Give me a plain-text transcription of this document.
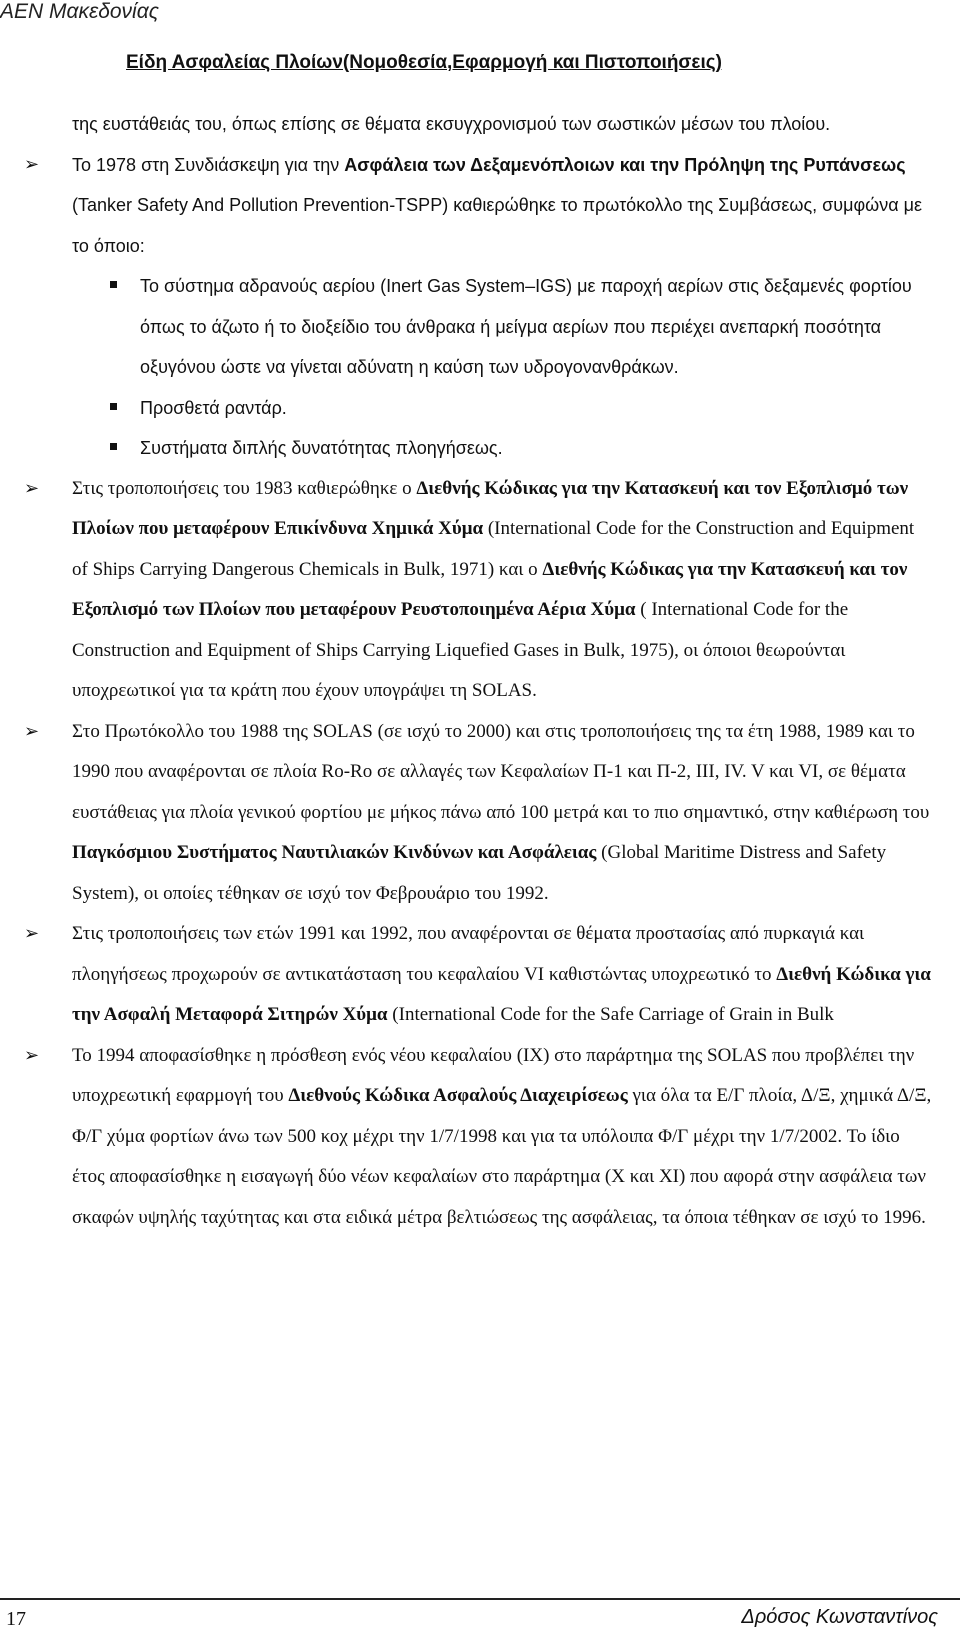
ΑΕΝ Μακεδονίας
Είδη Ασφαλείας Πλοίων(Νομοθεσία,Εφαρμογή και Πιστοποιήσεις)

της ευστάθειάς του, όπως επίσης σε θέματα εκσυγχρονισμού των σωστικών μέσων του πλοίου.

➢	Το 1978 στη Συνδιάσκεψη για την Ασφάλεια των Δεξαμενόπλοιων και την Πρόληψη της Ρυπάνσεως (Tanker Safety And Pollution Prevention-TSPP) καθιερώθηκε το πρωτόκολλο της Συμβάσεως, συμφώνα με το όποιο:
Το σύστημα αδρανούς αερίου (Inert Gas System–IGS) με παροχή αερίων στις δεξαμενές φορτίου όπως το άζωτο ή το διοξείδιο του άνθρακα ή μείγμα αερίων που περιέχει ανεπαρκή ποσότητα οξυγόνου ώστε να γίνεται αδύνατη η καύση των υδρογονανθράκων.
Προσθετά ραντάρ.
Συστήματα διπλής δυνατότητας πλοηγήσεως.
➢	Στις τροποποιήσεις του 1983 καθιερώθηκε ο Διεθνής Κώδικας για την Κατασκευή και τον Εξοπλισμό των Πλοίων που μεταφέρουν Επικίνδυνα Χημικά Χύμα (International Code for the Construction and Equipment of Ships Carrying Dangerous Chemicals in Bulk, 1971) και ο Διεθνής Κώδικας για την Κατασκευή και τον Εξοπλισμό των Πλοίων που μεταφέρουν Ρευστοποιημένα Αέρια Χύμα ( International Code for the Construction and Equipment of Ships Carrying Liquefied Gases in Bulk, 1975), οι όποιοι θεωρούνται υποχρεωτικοί για τα κράτη που έχουν υπογράψει τη SOLAS.

➢	Στο Πρωτόκολλο του 1988 της SOLAS (σε ισχύ το 2000) και στις τροποποιήσεις της τα έτη 1988, 1989 και το 1990 που αναφέρονται σε πλοία Ro-Ro σε αλλαγές των Κεφαλαίων Π-1 και Π-2, III, IV. V και VI, σε θέματα ευστάθειας για πλοία γενικού φορτίου με μήκος πάνω από 100 μετρά και το πιο σημαντικό, στην καθιέρωση του Παγκόσμιου Συστήματος Ναυτιλιακών Κινδύνων και Ασφάλειας (Global Maritime Distress and Safety System), οι οποίες τέθηκαν σε ισχύ τον Φεβρουάριο του 1992.

➢	Στις τροποποιήσεις των ετών 1991 και 1992, που αναφέρονται σε θέματα προστασίας από πυρκαγιά και πλοηγήσεως προχωρούν σε αντικατάσταση του κεφαλαίου VI καθιστώντας υποχρεωτικό το Διεθνή Κώδικα για την Ασφαλή Μεταφορά Σιτηρών Χύμα (International Code for the Safe Carriage of Grain in Bulk

➢	Το 1994 αποφασίσθηκε η πρόσθεση ενός νέου κεφαλαίου (IX) στο παράρτημα της SOLAS που προβλέπει την υποχρεωτική εφαρμογή του Διεθνούς Κώδικα Ασφαλούς Διαχειρίσεως για όλα τα Ε/Γ πλοία, Δ/Ξ, χημικά Δ/Ξ, Φ/Γ χύμα φορτίων άνω των 500 κοχ μέχρι την 1/7/1998 και για τα υπόλοιπα Φ/Γ μέχρι την 1/7/2002. Το ίδιο έτος αποφασίσθηκε η εισαγωγή δύο νέων κεφαλαίων στο παράρτημα (Χ και ΧΙ) που αφορά στην ασφάλεια των σκαφών υψηλής ταχύτητας και στα ειδικά μέτρα βελτιώσεως της ασφάλειας, τα όποια τέθηκαν σε ισχύ το 1996.

17	Δρόσος Κωνσταντίνος
